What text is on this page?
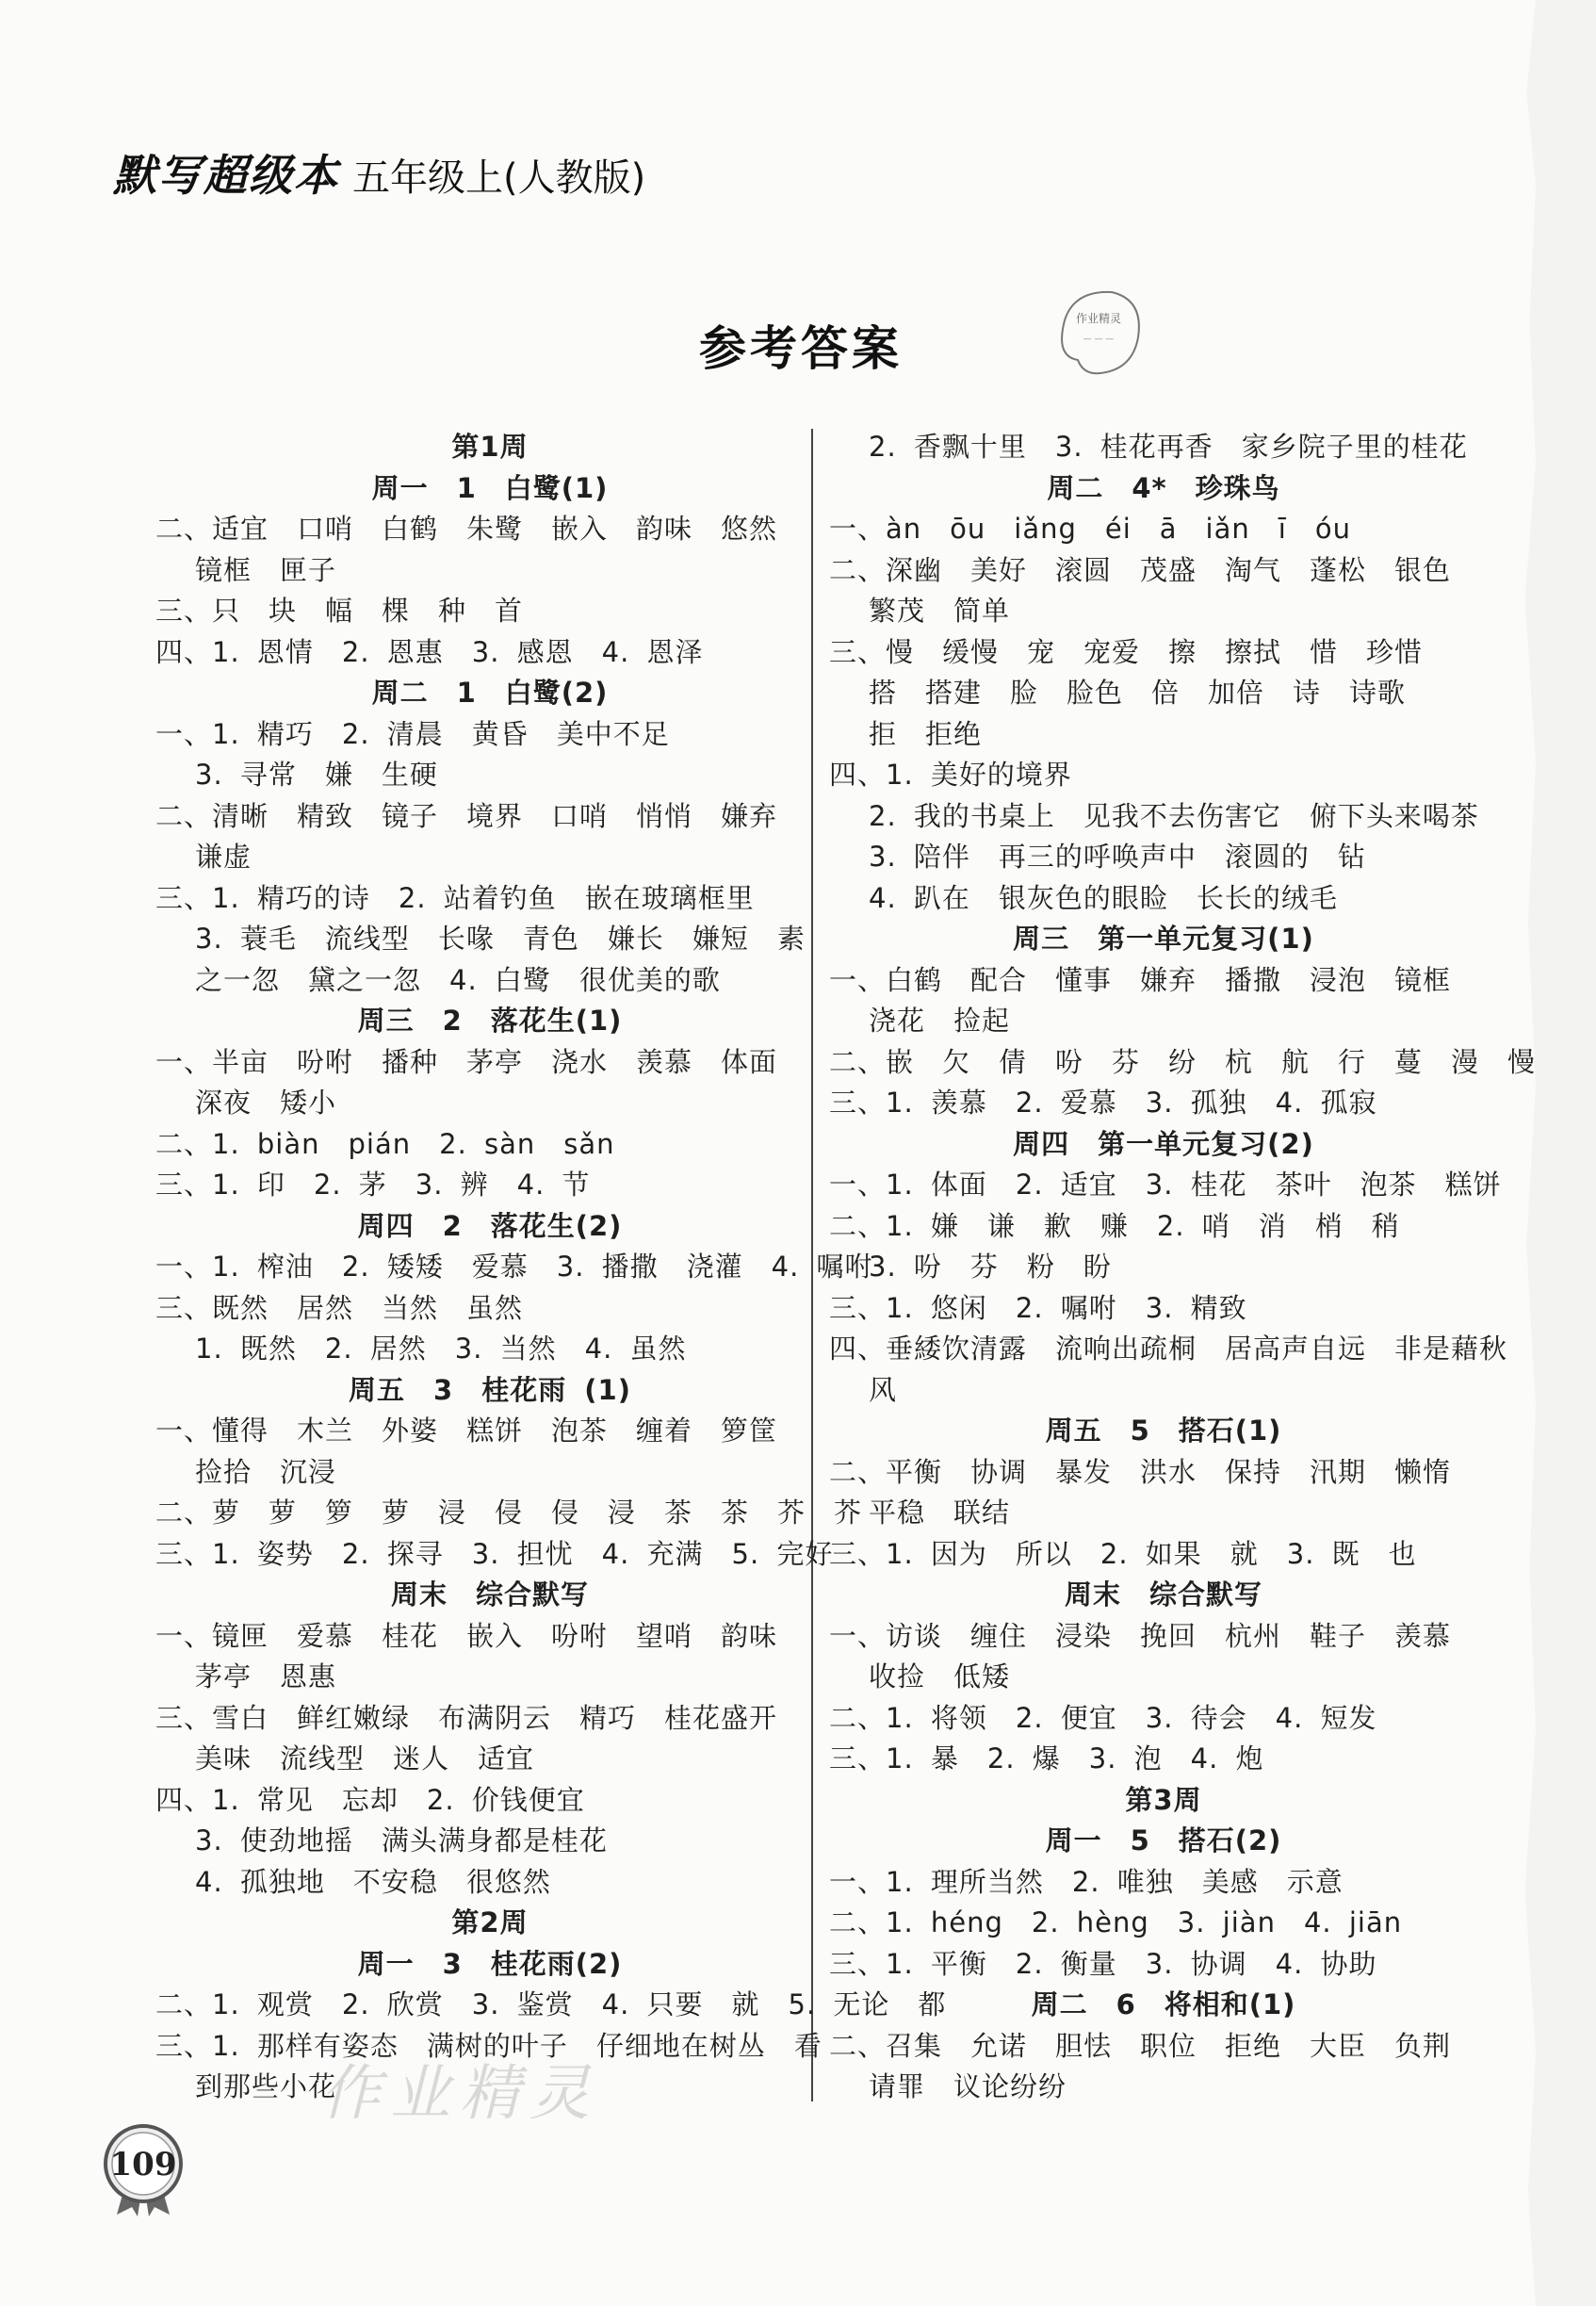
默写超级本 五年级上(人教版)
参考答案
作业精灵
— — —
第1周
周一　1　白鹭(1)
二、适宜　口哨　白鹤　朱鹭　嵌入　韵味　悠然
镜框　匣子
三、只　块　幅　棵　种　首
四、1. 恩情　2. 恩惠　3. 感恩　4. 恩泽
周二　1　白鹭(2)
一、1. 精巧　2. 清晨　黄昏　美中不足
3. 寻常　嫌　生硬
二、清晰　精致　镜子　境界　口哨　悄悄　嫌弃
谦虚
三、1. 精巧的诗　2. 站着钓鱼　嵌在玻璃框里
3. 蓑毛　流线型　长喙　青色　嫌长　嫌短　素
之一忽　黛之一忽　4. 白鹭　很优美的歌
周三　2　落花生(1)
一、半亩　吩咐　播种　茅亭　浇水　羡慕　体面
深夜　矮小
二、1. biàn　pián　2. sàn　sǎn
三、1. 印　2. 茅　3. 辨　4. 节
周四　2　落花生(2)
一、1. 榨油　2. 矮矮　爱慕　3. 播撒　浇灌　4. 嘱咐
三、既然　居然　当然　虽然
1. 既然　2. 居然　3. 当然　4. 虽然
周五　3　桂花雨 (1)
一、懂得　木兰　外婆　糕饼　泡茶　缠着　箩筐
捡拾　沉浸
二、萝　萝　箩　萝　浸　侵　侵　浸　茶　茶　芥　芥
三、1. 姿势　2. 探寻　3. 担忧　4. 充满　5. 完好
周末　综合默写
一、镜匣　爱慕　桂花　嵌入　吩咐　望哨　韵味
茅亭　恩惠
三、雪白　鲜红嫩绿　布满阴云　精巧　桂花盛开
美味　流线型　迷人　适宜
四、1. 常见　忘却　2. 价钱便宜
3. 使劲地摇　满头满身都是桂花
4. 孤独地　不安稳　很悠然
第2周
周一　3　桂花雨(2)
二、1. 观赏　2. 欣赏　3. 鉴赏　4. 只要　就　5. 无论　都
三、1. 那样有姿态　满树的叶子　仔细地在树丛　看
到那些小花
2. 香飘十里　3. 桂花再香　家乡院子里的桂花
周二　4*　珍珠鸟
一、àn　ōu　iǎng　éi　ā　iǎn　ī　óu
二、深幽　美好　滚圆　茂盛　淘气　蓬松　银色
繁茂　简单
三、慢　缓慢　宠　宠爱　擦　擦拭　惜　珍惜
搭　搭建　脸　脸色　倍　加倍　诗　诗歌
拒　拒绝
四、1. 美好的境界
2. 我的书桌上　见我不去伤害它　俯下头来喝茶
3. 陪伴　再三的呼唤声中　滚圆的　钻
4. 趴在　银灰色的眼睑　长长的绒毛
周三　第一单元复习(1)
一、白鹤　配合　懂事　嫌弃　播撒　浸泡　镜框
浇花　捡起
二、嵌　欠　倩　吩　芬　纷　杭　航　行　蔓　漫　慢
三、1. 羡慕　2. 爱慕　3. 孤独　4. 孤寂
周四　第一单元复习(2)
一、1. 体面　2. 适宜　3. 桂花　茶叶　泡茶　糕饼
二、1. 嫌　谦　歉　赚　2. 哨　消　梢　稍
3. 吩　芬　粉　盼
三、1. 悠闲　2. 嘱咐　3. 精致
四、垂緌饮清露　流响出疏桐　居高声自远　非是藉秋
风
周五　5　搭石(1)
二、平衡　协调　暴发　洪水　保持　汛期　懒惰
平稳　联结
三、1. 因为　所以　2. 如果　就　3. 既　也
周末　综合默写
一、访谈　缠住　浸染　挽回　杭州　鞋子　羡慕
收捡　低矮
二、1. 将领　2. 便宜　3. 待会　4. 短发
三、1. 暴　2. 爆　3. 泡　4. 炮
第3周
周一　5　搭石(2)
一、1. 理所当然　2. 唯独　美感　示意
二、1. héng　2. hèng　3. jiàn　4. jiān
三、1. 平衡　2. 衡量　3. 协调　4. 协助
周二　6　将相和(1)
二、召集　允诺　胆怯　职位　拒绝　大臣　负荆
请罪　议论纷纷
作业精灵
109
